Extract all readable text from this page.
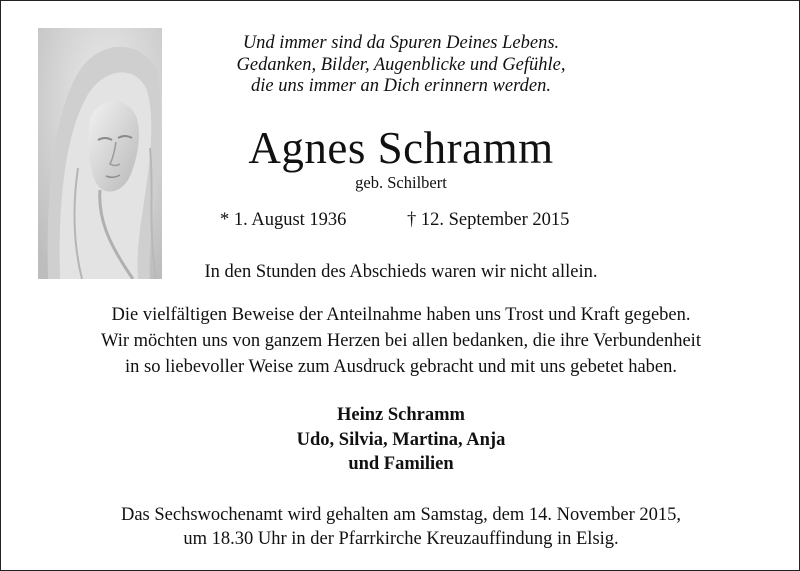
Und immer sind da Spuren Deines Lebens.
Gedanken, Bilder, Augenblicke und Gefühle,
die uns immer an Dich erinnern werden.
Agnes Schramm
geb. Schilbert
* 1. August 1936	† 12. September 2015
In den Stunden des Abschieds waren wir nicht allein.
Die vielfältigen Beweise der Anteilnahme haben uns Trost und Kraft gegeben.
Wir möchten uns von ganzem Herzen bei allen bedanken, die ihre Verbundenheit
in so liebevoller Weise zum Ausdruck gebracht und mit uns gebetet haben.
Heinz Schramm
Udo, Silvia, Martina, Anja
und Familien
Das Sechswochenamt wird gehalten am Samstag, dem 14. November 2015,
um 18.30 Uhr in der Pfarrkirche Kreuzauffindung in Elsig.
